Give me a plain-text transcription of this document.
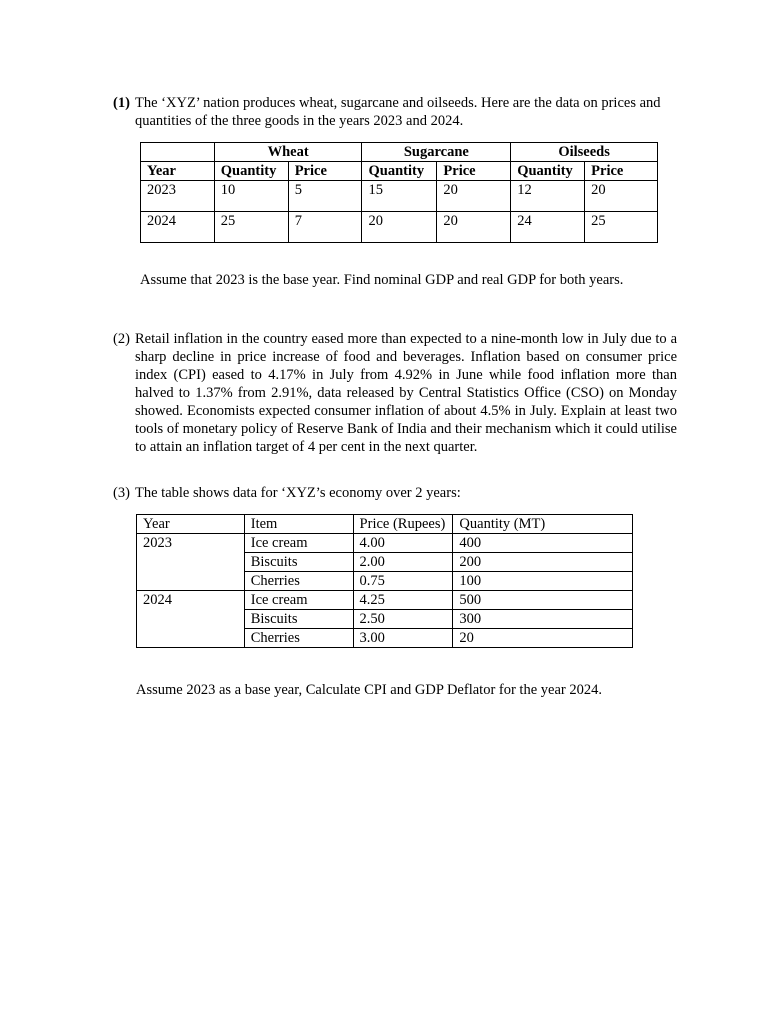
(1) The ‘XYZ’ nation produces wheat, sugarcane and oilseeds. Here are the data on prices and quantities of the three goods in the years 2023 and 2024.
	Wheat		Sugarcane		Oilseeds	
Year	Quantity	Price	Quantity	Price	Quantity	Price
2023	10	5	15	20	12	20
2024	25	7	20	20	24	25
Assume that 2023 is the base year. Find nominal GDP and real GDP for both years.
(2) Retail inflation in the country eased more than expected to a nine-month low in July due to a sharp decline in price increase of food and beverages. Inflation based on consumer price index (CPI) eased to 4.17% in July from 4.92% in June while food inflation more than halved to 1.37% from 2.91%, data released by Central Statistics Office (CSO) on Monday showed. Economists expected consumer inflation of about 4.5% in July. Explain at least two tools of monetary policy of Reserve Bank of India and their mechanism which it could utilise to attain an inflation target of 4 per cent in the next quarter.
(3) The table shows data for ‘XYZ’s economy over 2 years:
Year	Item	Price (Rupees)	Quantity (MT)
2023	Ice cream	4.00	400
	Biscuits	2.00	200
	Cherries	0.75	100
2024	Ice cream	4.25	500
	Biscuits	2.50	300
	Cherries	3.00	20
Assume 2023 as a base year, Calculate CPI and GDP Deflator for the year 2024.
